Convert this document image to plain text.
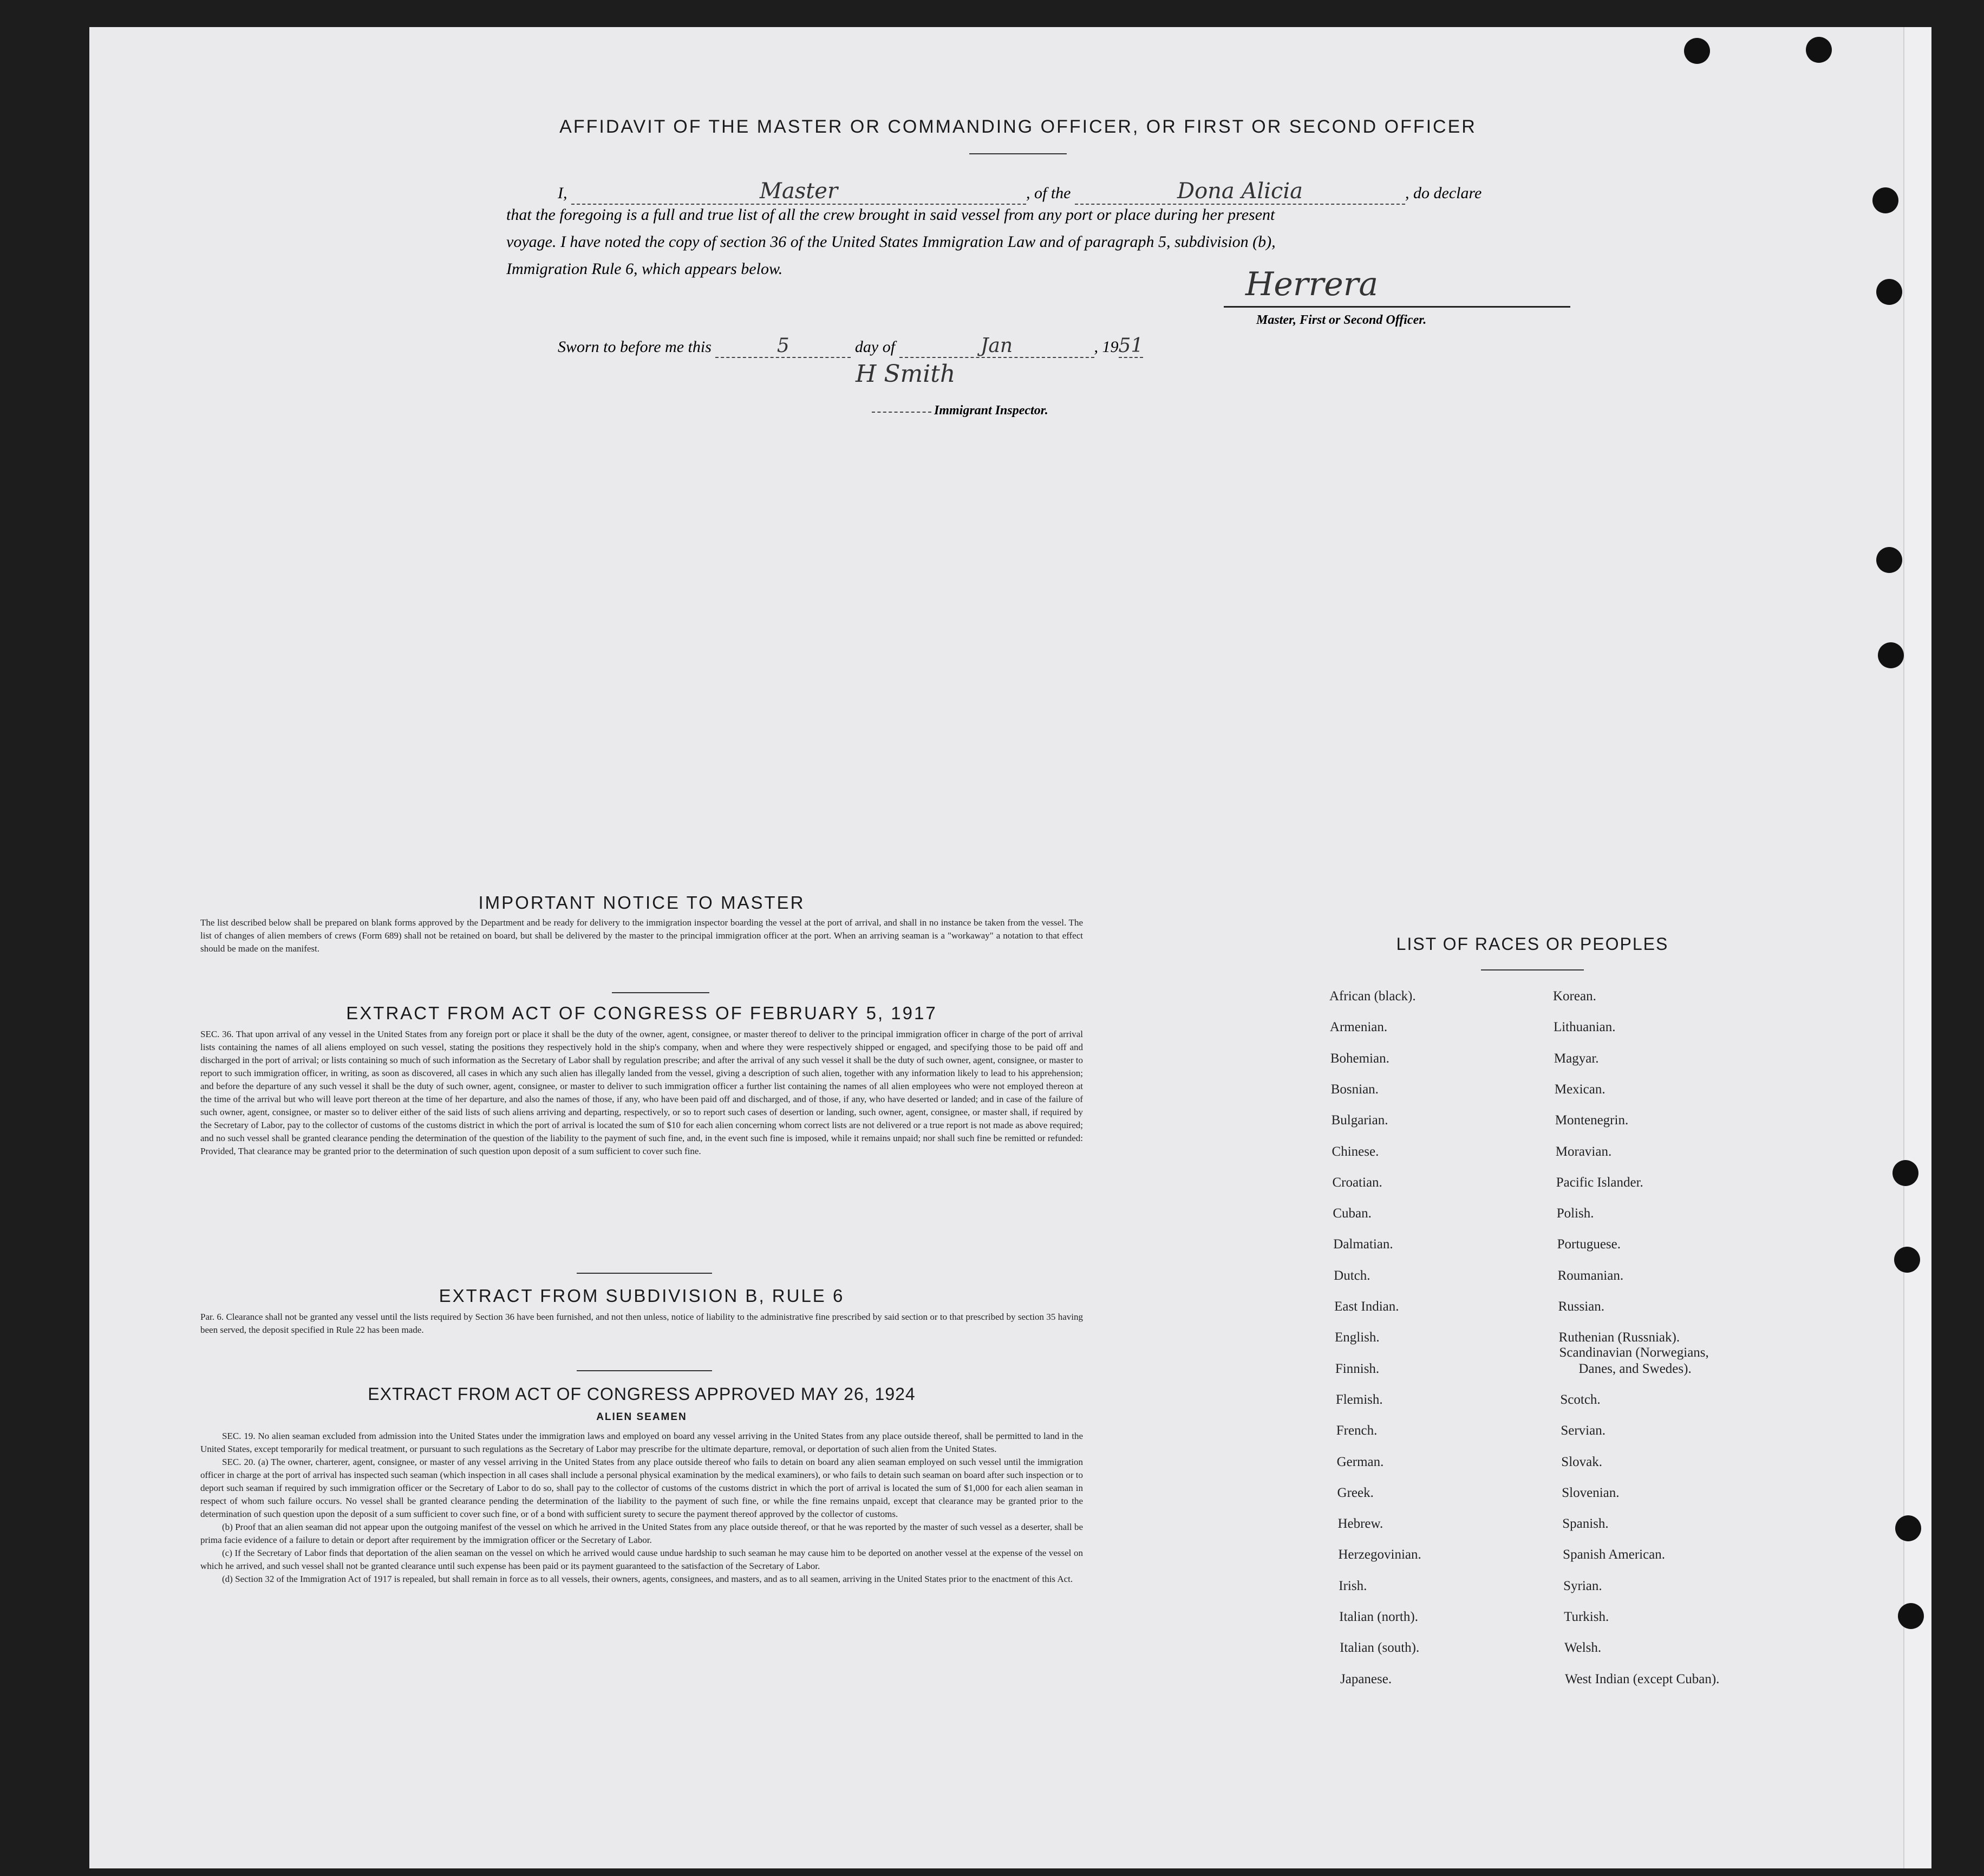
AFFIDAVIT OF THE MASTER OR COMMANDING OFFICER, OR FIRST OR SECOND OFFICER
I,	Master	, of the	Dona Alicia	, do declare
that the foregoing is a full and true list of all the crew brought in said vessel from any port or place during her present
voyage. I have noted the copy of section 36 of the United States Immigration Law and of paragraph 5, subdivision (b),
Immigration Rule 6, which appears below.	Herrera
Master, First or Second Officer.
Sworn to before me this	5	day of	Jan	, 1951
H Smith
Immigrant Inspector.
IMPORTANT NOTICE TO MASTER

The list described below shall be prepared on blank forms approved by the Department and be ready for delivery to the immigration inspector boarding the vessel at the port of arrival, and shall in no instance be taken from the vessel. The list of changes of alien members of crews (Form 689) shall not be retained on board, but shall be delivered by the master to the principal immigration officer at the port. When an arriving seaman is a "workaway" a notation to that effect should be made on the manifest.

EXTRACT FROM ACT OF CONGRESS OF FEBRUARY 5, 1917

SEC. 36. That upon arrival of any vessel in the United States from any foreign port or place it shall be the duty of the owner, agent, consignee, or master thereof to deliver to the principal immigration officer in charge of the port of arrival lists containing the names of all aliens employed on such vessel, stating the positions they respectively hold in the ship's company, when and where they were respectively shipped or engaged, and specifying those to be paid off and discharged in the port of arrival; or lists containing so much of such information as the Secretary of Labor shall by regulation prescribe; and after the arrival of any such vessel it shall be the duty of such owner, agent, consignee, or master to report to such immigration officer, in writing, as soon as discovered, all cases in which any such alien has illegally landed from the vessel, giving a description of such alien, together with any information likely to lead to his apprehension; and before the departure of any such vessel it shall be the duty of such owner, agent, consignee, or master to deliver to such immigration officer a further list containing the names of all alien employees who were not employed thereon at the time of the arrival but who will leave port thereon at the time of her departure, and also the names of those, if any, who have been paid off and discharged, and of those, if any, who have deserted or landed; and in case of the failure of such owner, agent, consignee, or master so to deliver either of the said lists of such aliens arriving and departing, respectively, or so to report such cases of desertion or landing, such owner, agent, consignee, or master shall, if required by the Secretary of Labor, pay to the collector of customs of the customs district in which the port of arrival is located the sum of $10 for each alien concerning whom correct lists are not delivered or a true report is not made as above required; and no such vessel shall be granted clearance pending the determination of the question of the liability to the payment of such fine, and, in the event such fine is imposed, while it remains unpaid; nor shall such fine be remitted or refunded: Provided, That clearance may be granted prior to the determination of such question upon deposit of a sum sufficient to cover such fine.

EXTRACT FROM SUBDIVISION B, RULE 6

Par. 6. Clearance shall not be granted any vessel until the lists required by Section 36 have been furnished, and not then unless, notice of liability to the administrative fine prescribed by said section or to that prescribed by section 35 having been served, the deposit specified in Rule 22 has been made.

EXTRACT FROM ACT OF CONGRESS APPROVED MAY 26, 1924
ALIEN SEAMEN

SEC. 19. No alien seaman excluded from admission into the United States under the immigration laws and employed on board any vessel arriving in the United States from any place outside thereof, shall be permitted to land in the United States, except temporarily for medical treatment, or pursuant to such regulations as the Secretary of Labor may prescribe for the ultimate departure, removal, or deportation of such alien from the United States.

SEC. 20. (a) The owner, charterer, agent, consignee, or master of any vessel arriving in the United States from any place outside thereof who fails to detain on board any alien seaman employed on such vessel until the immigration officer in charge at the port of arrival has inspected such seaman (which inspection in all cases shall include a personal physical examination by the medical examiners), or who fails to detain such seaman on board after such inspection or to deport such seaman if required by such immigration officer or the Secretary of Labor to do so, shall pay to the collector of customs of the customs district in which the port of arrival is located the sum of $1,000 for each alien seaman in respect of whom such failure occurs. No vessel shall be granted clearance pending the determination of the liability to the payment of such fine, or while the fine remains unpaid, except that clearance may be granted prior to the determination of such question upon the deposit of a sum sufficient to cover such fine, or of a bond with sufficient surety to secure the payment thereof approved by the collector of customs.

(b) Proof that an alien seaman did not appear upon the outgoing manifest of the vessel on which he arrived in the United States from any place outside thereof, or that he was reported by the master of such vessel as a deserter, shall be prima facie evidence of a failure to detain or deport after requirement by the immigration officer or the Secretary of Labor.

(c) If the Secretary of Labor finds that deportation of the alien seaman on the vessel on which he arrived would cause undue hardship to such seaman he may cause him to be deported on another vessel at the expense of the vessel on which he arrived, and such vessel shall not be granted clearance until such expense has been paid or its payment guaranteed to the satisfaction of the Secretary of Labor.

(d) Section 32 of the Immigration Act of 1917 is repealed, but shall remain in force as to all vessels, their owners, agents, consignees, and masters, and as to all seamen, arriving in the United States prior to the enactment of this Act.

LIST OF RACES OR PEOPLES
African (black).
Armenian.
Bohemian.
Bosnian.
Bulgarian.
Chinese.
Croatian.
Cuban.
Dalmatian.
Dutch.
East Indian.
English.
Finnish.
Flemish.
French.
German.
Greek.
Hebrew.
Herzegovinian.
Irish.
Italian (north).
Italian (south).
Japanese.
Korean.
Lithuanian.
Magyar.
Mexican.
Montenegrin.
Moravian.
Pacific Islander.
Polish.
Portuguese.
Roumanian.
Russian.
Ruthenian (Russniak).
Scandinavian (Norwegians,
Danes, and Swedes).
Scotch.
Servian.
Slovak.
Slovenian.
Spanish.
Spanish American.
Syrian.
Turkish.
Welsh.
West Indian (except Cuban).
